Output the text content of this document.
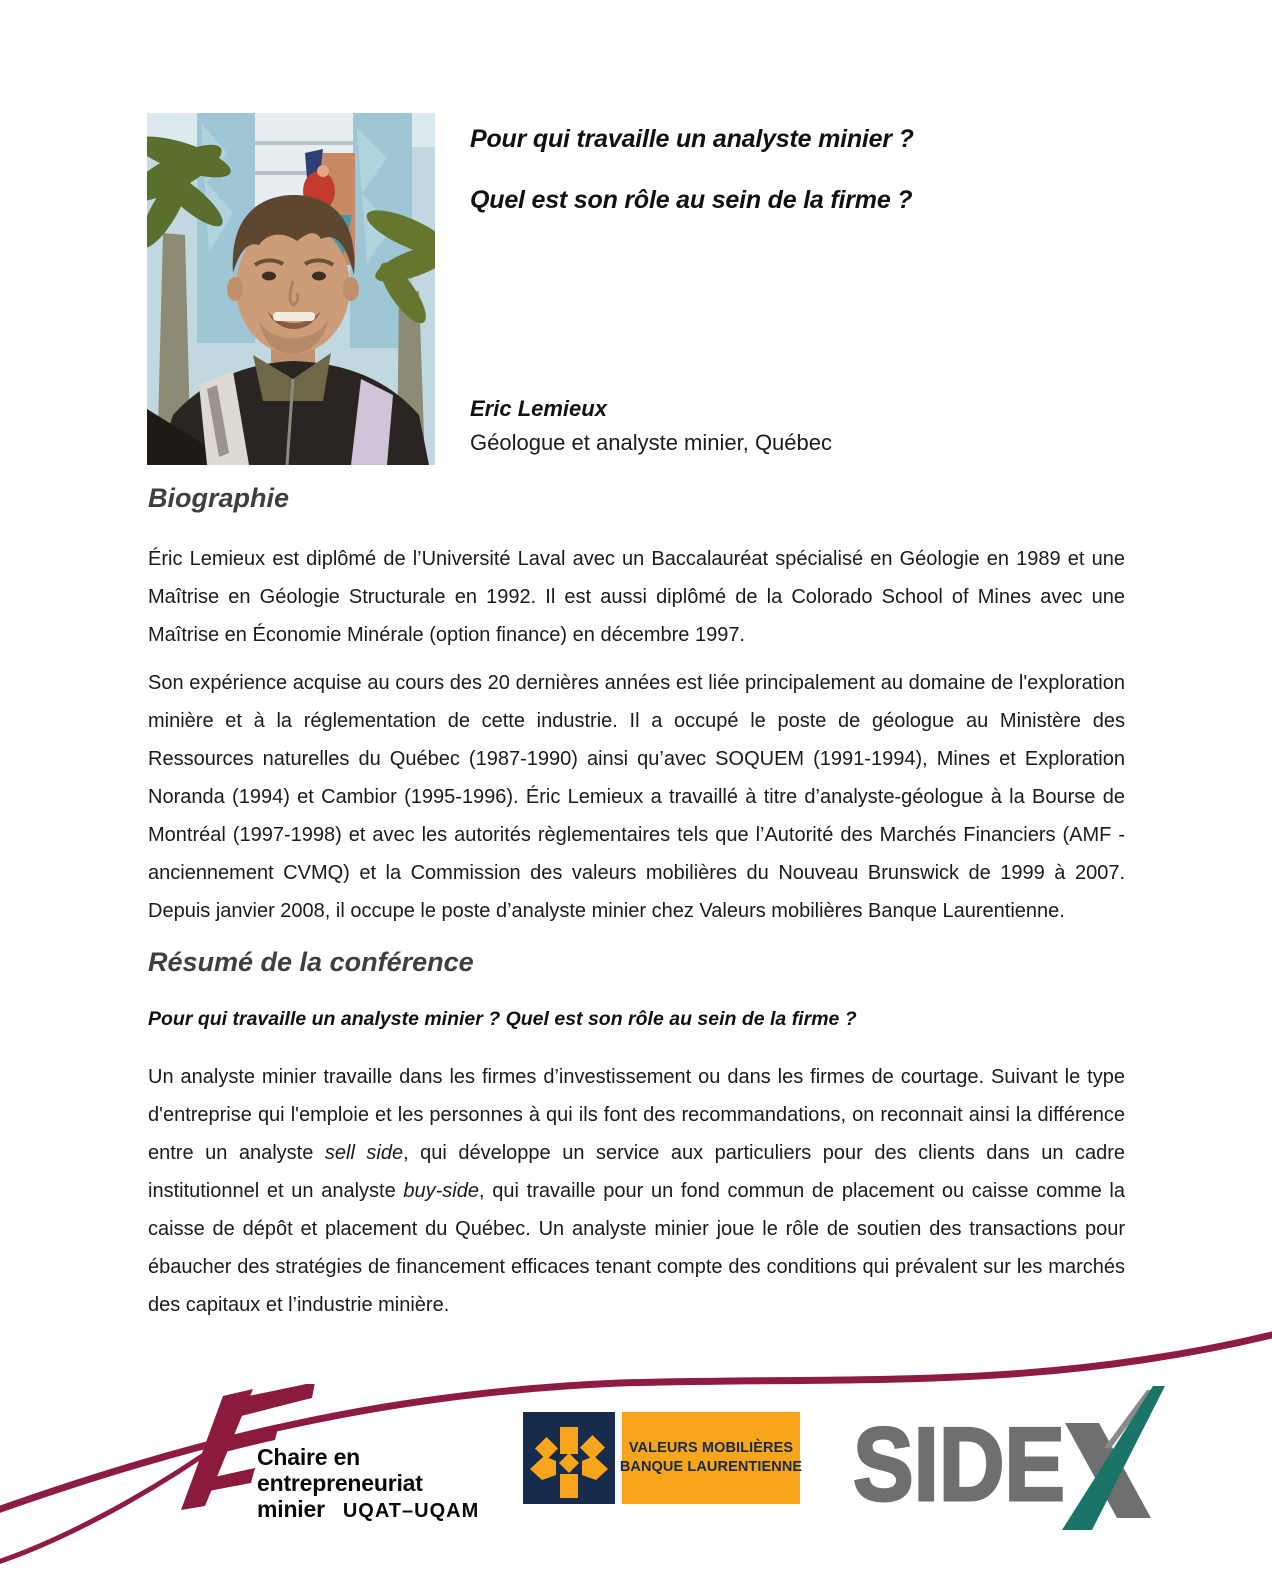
Pour qui travaille un analyste minier ?

Quel est son rôle au sein de la firme ?

Eric Lemieux

Géologue et analyste minier, Québec

Biographie

Éric Lemieux est diplômé de l’Université Laval avec un Baccalauréat spécialisé en Géologie en 1989 et une Maîtrise en Géologie Structurale en 1992. Il est aussi diplômé de la Colorado School of Mines avec une Maîtrise en Économie Minérale (option finance) en décembre 1997.

Son expérience acquise au cours des 20 dernières années est liée principalement au domaine de l'exploration minière et à la réglementation de cette industrie. Il a occupé le poste de géologue au Ministère des Ressources naturelles du Québec (1987-1990) ainsi qu’avec SOQUEM (1991-1994), Mines et Exploration Noranda (1994) et Cambior (1995-1996). Éric Lemieux a travaillé à titre d’analyste-géologue à la Bourse de Montréal (1997-1998) et avec les autorités règlementaires tels que l’Autorité des Marchés Financiers (AMF - anciennement CVMQ) et la Commission des valeurs mobilières du Nouveau Brunswick de 1999 à 2007. Depuis janvier 2008, il occupe le poste d’analyste minier chez Valeurs mobilières Banque Laurentienne.

Résumé de la conférence

Pour qui travaille un analyste minier ? Quel est son rôle au sein de la firme ?

Un analyste minier travaille dans les firmes d’investissement ou dans les firmes de courtage. Suivant le type d'entreprise qui l'emploie et les personnes à qui ils font des recommandations, on reconnait ainsi la différence entre un analyste sell side, qui développe un service aux particuliers pour des clients dans un cadre institutionnel et un analyste buy-side, qui travaille pour un fond commun de placement ou caisse comme la caisse de dépôt et placement du Québec. Un analyste minier joue le rôle de soutien des transactions pour ébaucher des stratégies de financement efficaces tenant compte des conditions qui prévalent sur les marchés des capitaux et l’industrie minière.

Chaire en
entrepreneuriat
minier UQAT–UQAM
VALEURS MOBILIÈRES
BANQUE LAURENTIENNE SIDE
